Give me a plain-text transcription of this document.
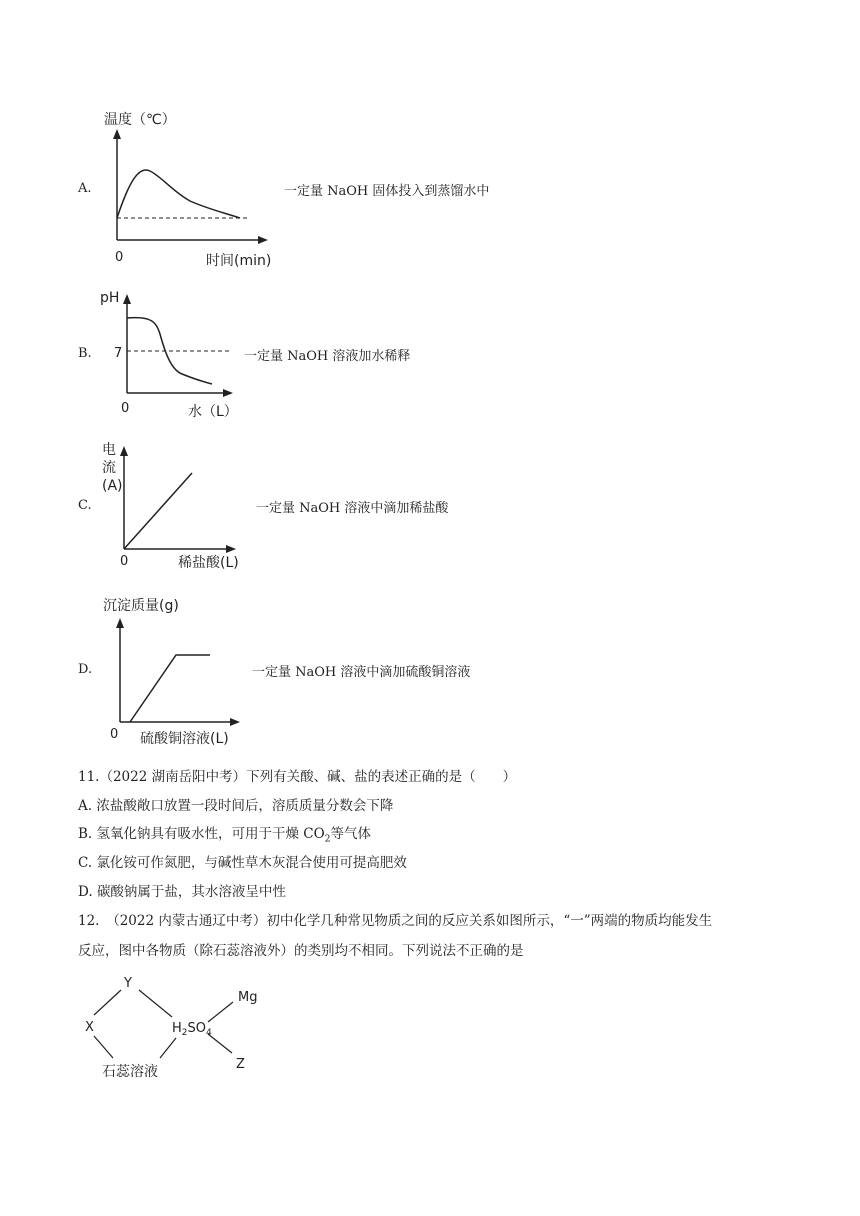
A.
温度（℃）
0	时间(min)
一定量 NaOH 固体投入到蒸馏水中
B.
pH
7
0	水（L）
一定量 NaOH 溶液加水稀释
C.
电
流
(A)
0	稀盐酸(L)
一定量 NaOH 溶液中滴加稀盐酸
D.
沉淀质量(g)
0 硫酸铜溶液(L)
一定量 NaOH 溶液中滴加硫酸铜溶液
11.（2022 湖南岳阳中考）下列有关酸、碱、盐的表述正确的是（　　）
A. 浓盐酸敞口放置一段时间后，溶质质量分数会下降
B. 氢氧化钠具有吸水性，可用于干燥 $CO_2$等气体
C. 氯化铵可作氮肥，与碱性草木灰混合使用可提高肥效
D. 碳酸钠属于盐，其水溶液呈中性
12.　（2022 内蒙古通辽中考）初中化学几种常见物质之间的反应关系如图所示，“一”两端的物质均能发生
反应，图中各物质（除石蕊溶液外）的类别均不相同。下列说法不正确的是
Y
X	$H_2SO_4$
Mg
Z
石蕊溶液
